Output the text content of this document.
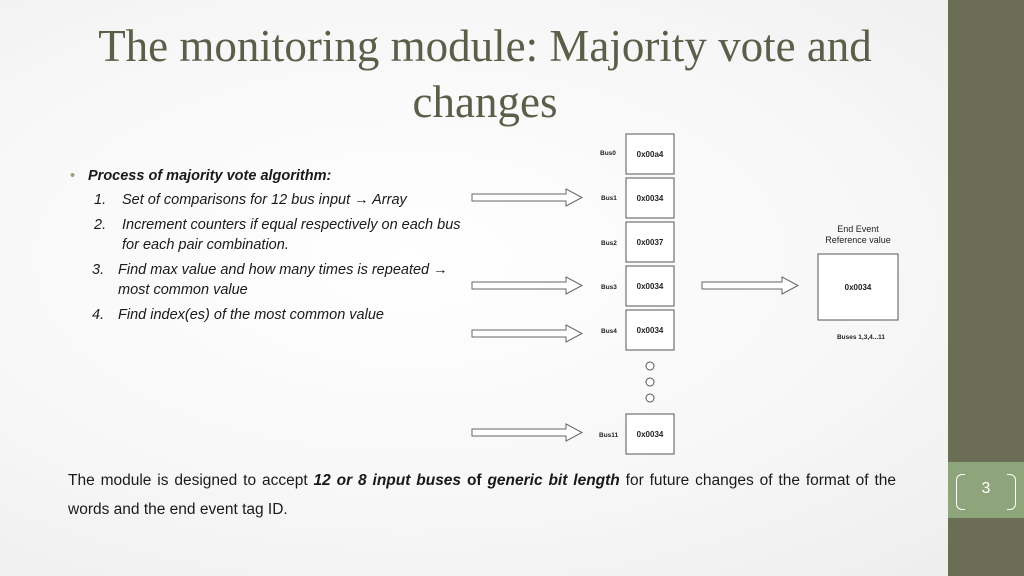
3
The monitoring module: Majority vote and changes
• Process of majority vote algorithm:
1.	Set of comparisons for 12 bus input → Array
2.	Increment counters if equal respectively on each bus for each pair combination.
3. Find max value and how many times is repeated → most common value
4. Find index(es) of the most common value
Bus0	0x00a4
Bus1 0x0034
Bus2 0x0037
Bus3 0x0034
Bus4 0x0034
Bus11 0x0034
End Event
Reference value
0x0034
Buses 1,3,4...11

The module is designed to accept 12 or 8 input buses of generic bit length for future changes of the format of the words and the end event tag ID.
